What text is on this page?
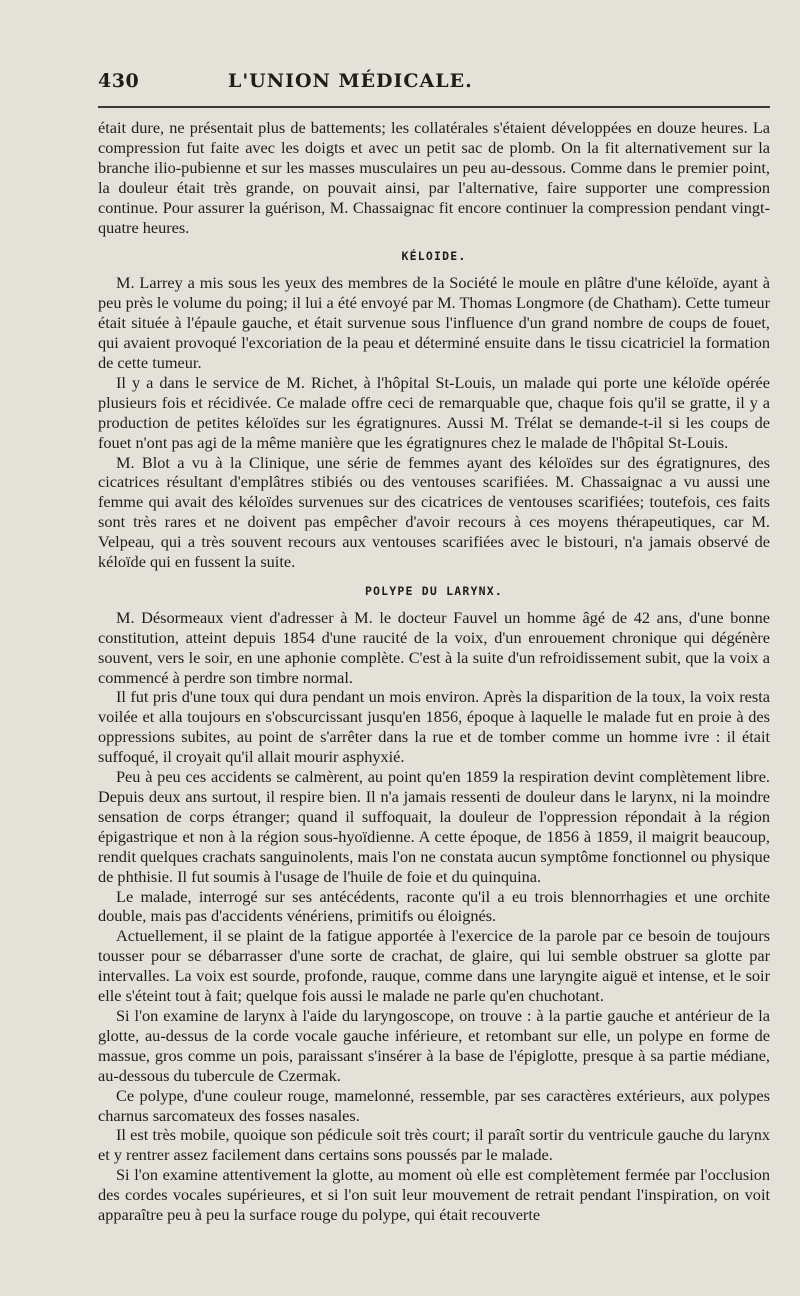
430	L'UNION MÉDICALE.

était dure, ne présentait plus de battements; les collatérales s'étaient développées en douze heures. La compression fut faite avec les doigts et avec un petit sac de plomb. On la fit alternativement sur la branche ilio-pubienne et sur les masses musculaires un peu au-dessous. Comme dans le premier point, la douleur était très grande, on pouvait ainsi, par l'alternative, faire supporter une compression continue. Pour assurer la guérison, M. Chassaignac fit encore continuer la compression pendant vingt-quatre heures.

KÉLOIDE.

M. Larrey a mis sous les yeux des membres de la Société le moule en plâtre d'une kéloïde, ayant à peu près le volume du poing; il lui a été envoyé par M. Thomas Longmore (de Chatham). Cette tumeur était située à l'épaule gauche, et était survenue sous l'influence d'un grand nombre de coups de fouet, qui avaient provoqué l'excoriation de la peau et déterminé ensuite dans le tissu cicatriciel la formation de cette tumeur.

Il y a dans le service de M. Richet, à l'hôpital St-Louis, un malade qui porte une kéloïde opérée plusieurs fois et récidivée. Ce malade offre ceci de remarquable que, chaque fois qu'il se gratte, il y a production de petites kéloïdes sur les égratignures. Aussi M. Trélat se demande-t-il si les coups de fouet n'ont pas agi de la même manière que les égratignures chez le malade de l'hôpital St-Louis.

M. Blot a vu à la Clinique, une série de femmes ayant des kéloïdes sur des égratignures, des cicatrices résultant d'emplâtres stibiés ou des ventouses scarifiées. M. Chassaignac a vu aussi une femme qui avait des kéloïdes survenues sur des cicatrices de ventouses scarifiées; toutefois, ces faits sont très rares et ne doivent pas empêcher d'avoir recours à ces moyens thérapeutiques, car M. Velpeau, qui a très souvent recours aux ventouses scarifiées avec le bistouri, n'a jamais observé de kéloïde qui en fussent la suite.

POLYPE DU LARYNX.

M. Désormeaux vient d'adresser à M. le docteur Fauvel un homme âgé de 42 ans, d'une bonne constitution, atteint depuis 1854 d'une raucité de la voix, d'un enrouement chronique qui dégénère souvent, vers le soir, en une aphonie complète. C'est à la suite d'un refroidissement subit, que la voix a commencé à perdre son timbre normal.

Il fut pris d'une toux qui dura pendant un mois environ. Après la disparition de la toux, la voix resta voilée et alla toujours en s'obscurcissant jusqu'en 1856, époque à laquelle le malade fut en proie à des oppressions subites, au point de s'arrêter dans la rue et de tomber comme un homme ivre : il était suffoqué, il croyait qu'il allait mourir asphyxié.

Peu à peu ces accidents se calmèrent, au point qu'en 1859 la respiration devint complètement libre. Depuis deux ans surtout, il respire bien. Il n'a jamais ressenti de douleur dans le larynx, ni la moindre sensation de corps étranger; quand il suffoquait, la douleur de l'oppression répondait à la région épigastrique et non à la région sous-hyoïdienne. A cette époque, de 1856 à 1859, il maigrit beaucoup, rendit quelques crachats sanguinolents, mais l'on ne constata aucun symptôme fonctionnel ou physique de phthisie. Il fut soumis à l'usage de l'huile de foie et du quinquina.

Le malade, interrogé sur ses antécédents, raconte qu'il a eu trois blennorrhagies et une orchite double, mais pas d'accidents vénériens, primitifs ou éloignés.

Actuellement, il se plaint de la fatigue apportée à l'exercice de la parole par ce besoin de toujours tousser pour se débarrasser d'une sorte de crachat, de glaire, qui lui semble obstruer sa glotte par intervalles. La voix est sourde, profonde, rauque, comme dans une laryngite aiguë et intense, et le soir elle s'éteint tout à fait; quelque fois aussi le malade ne parle qu'en chuchotant.

Si l'on examine de larynx à l'aide du laryngoscope, on trouve : à la partie gauche et antérieur de la glotte, au-dessus de la corde vocale gauche inférieure, et retombant sur elle, un polype en forme de massue, gros comme un pois, paraissant s'insérer à la base de l'épiglotte, presque à sa partie médiane, au-dessous du tubercule de Czermak.

Ce polype, d'une couleur rouge, mamelonné, ressemble, par ses caractères extérieurs, aux polypes charnus sarcomateux des fosses nasales.

Il est très mobile, quoique son pédicule soit très court; il paraît sortir du ventricule gauche du larynx et y rentrer assez facilement dans certains sons poussés par le malade.

Si l'on examine attentivement la glotte, au moment où elle est complètement fermée par l'occlusion des cordes vocales supérieures, et si l'on suit leur mouvement de retrait pendant l'inspiration, on voit apparaître peu à peu la surface rouge du polype, qui était recouverte
